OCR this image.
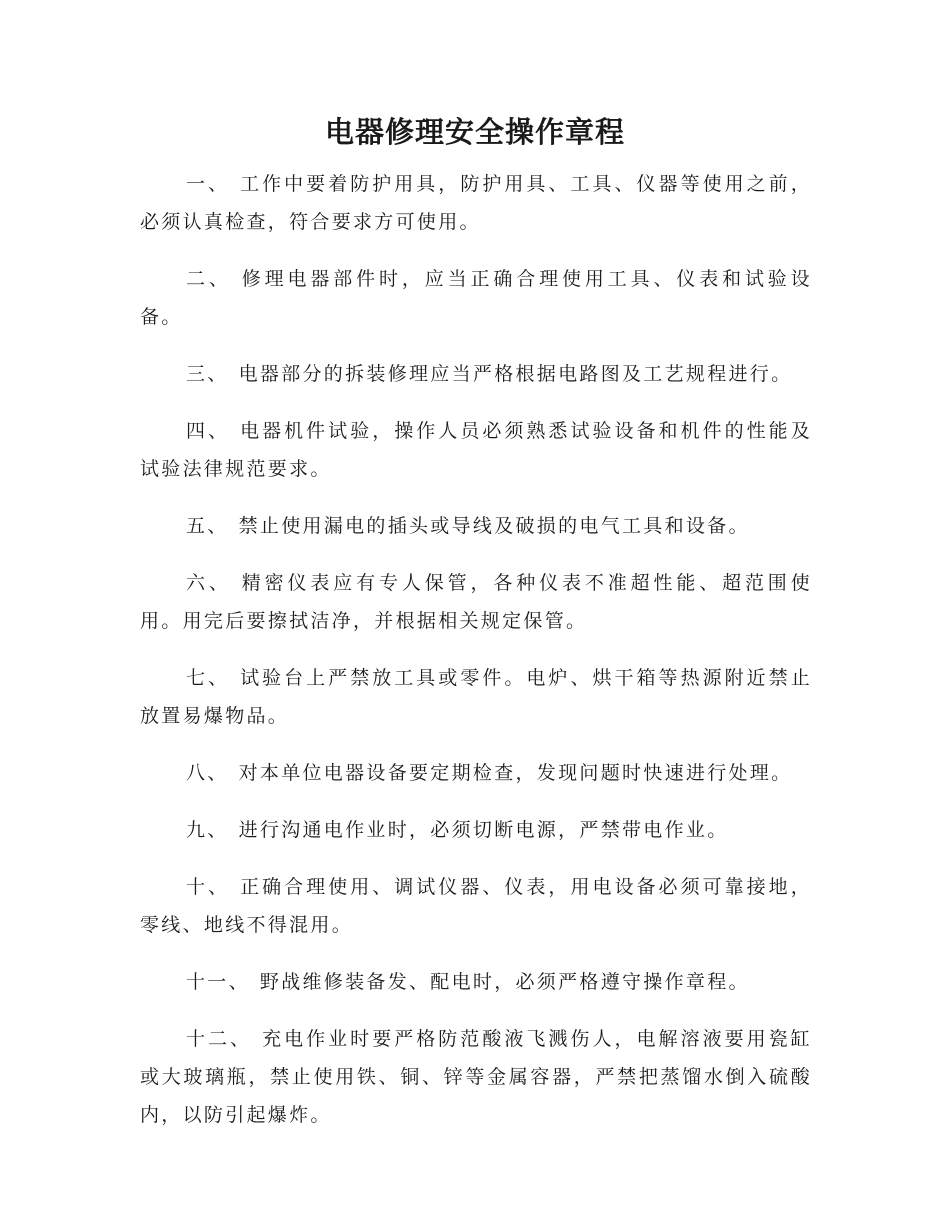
电器修理安全操作章程

一、 工作中要着防护用具，防护用具、工具、仪器等使用之前，必须认真检查，符合要求方可使用。

二、 修理电器部件时，应当正确合理使用工具、仪表和试验设备。

三、 电器部分的拆装修理应当严格根据电路图及工艺规程进行。

四、 电器机件试验，操作人员必须熟悉试验设备和机件的性能及试验法律规范要求。

五、 禁止使用漏电的插头或导线及破损的电气工具和设备。

六、 精密仪表应有专人保管，各种仪表不准超性能、超范围使用。用完后要擦拭洁净，并根据相关规定保管。

七、 试验台上严禁放工具或零件。电炉、烘干箱等热源附近禁止放置易爆物品。

八、 对本单位电器设备要定期检查，发现问题时快速进行处理。

九、 进行沟通电作业时，必须切断电源，严禁带电作业。

十、 正确合理使用、调试仪器、仪表，用电设备必须可靠接地，零线、地线不得混用。

十一、 野战维修装备发、配电时，必须严格遵守操作章程。

十二、 充电作业时要严格防范酸液飞溅伤人，电解溶液要用瓷缸或大玻璃瓶，禁止使用铁、铜、锌等金属容器，严禁把蒸馏水倒入硫酸内，以防引起爆炸。
